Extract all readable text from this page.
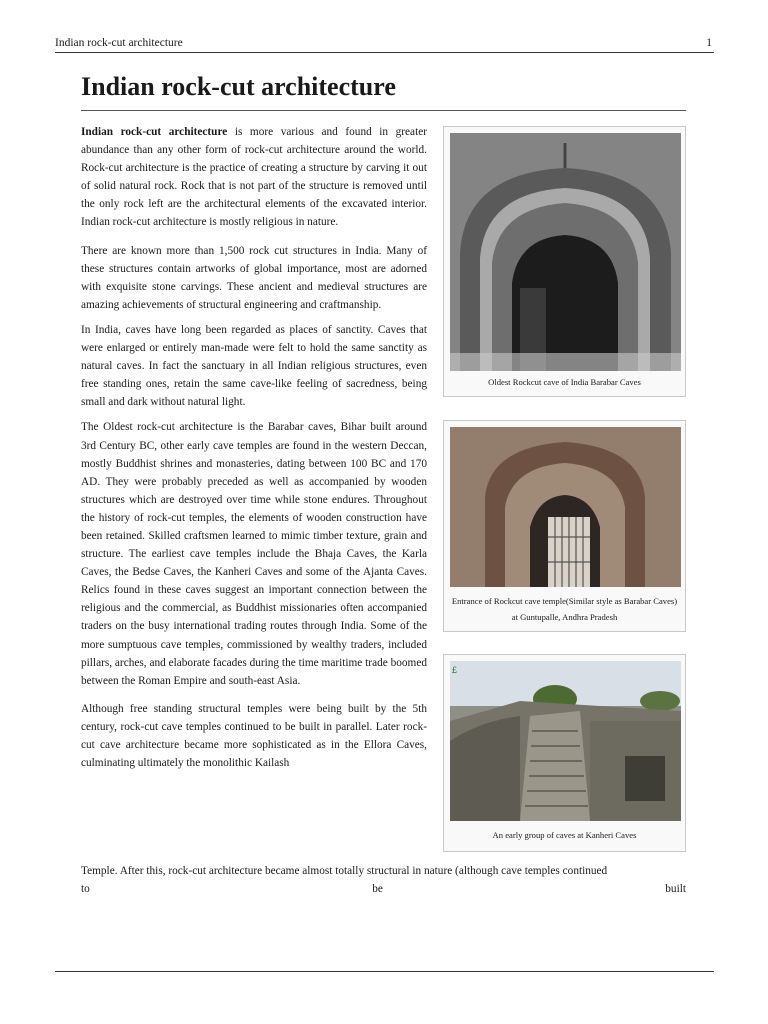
Indian rock-cut architecture	1
Indian rock-cut architecture

Indian rock-cut architecture is more various and found in greater abundance than any other form of rock-cut architecture around the world. Rock-cut architecture is the practice of creating a structure by carving it out of solid natural rock. Rock that is not part of the structure is removed until the only rock left are the architectural elements of the excavated interior. Indian rock-cut architecture is mostly religious in nature.

There are known more than 1,500 rock cut structures in India. Many of these structures contain artworks of global importance, most are adorned with exquisite stone carvings. These ancient and medieval structures are amazing achievements of structural engineering and craftmanship.

In India, caves have long been regarded as places of sanctity. Caves that were enlarged or entirely man-made were felt to hold the same sanctity as natural caves. In fact the sanctuary in all Indian religious structures, even free standing ones, retain the same cave-like feeling of sacredness, being small and dark without natural light.

The Oldest rock-cut architecture is the Barabar caves, Bihar built around 3rd Century BC, other early cave temples are found in the western Deccan, mostly Buddhist shrines and monasteries, dating between 100 BC and 170 AD. They were probably preceded as well as accompanied by wooden structures which are destroyed over time while stone endures. Throughout the history of rock-cut temples, the elements of wooden construction have been retained. Skilled craftsmen learned to mimic timber texture, grain and structure. The earliest cave temples include the Bhaja Caves, the Karla Caves, the Bedse Caves, the Kanheri Caves and some of the Ajanta Caves. Relics found in these caves suggest an important connection between the religious and the commercial, as Buddhist missionaries often accompanied traders on the busy international trading routes through India. Some of the more sumptuous cave temples, commissioned by wealthy traders, included pillars, arches, and elaborate facades during the time maritime trade boomed between the Roman Empire and south-east Asia.

Although free standing structural temples were being built by the 5th century, rock-cut cave temples continued to be built in parallel. Later rock-cut cave architecture became more sophisticated as in the Ellora Caves, culminating ultimately the monolithic Kailash

Temple. After this, rock-cut architecture became almost totally structural in nature (although cave temples continued
to	be	built
Oldest Rockcut cave of India Barabar Caves
Entrance of Rockcut cave temple(Similar style as Barabar Caves) at Guntupalle, Andhra Pradesh
£
An early group of caves at Kanheri Caves
